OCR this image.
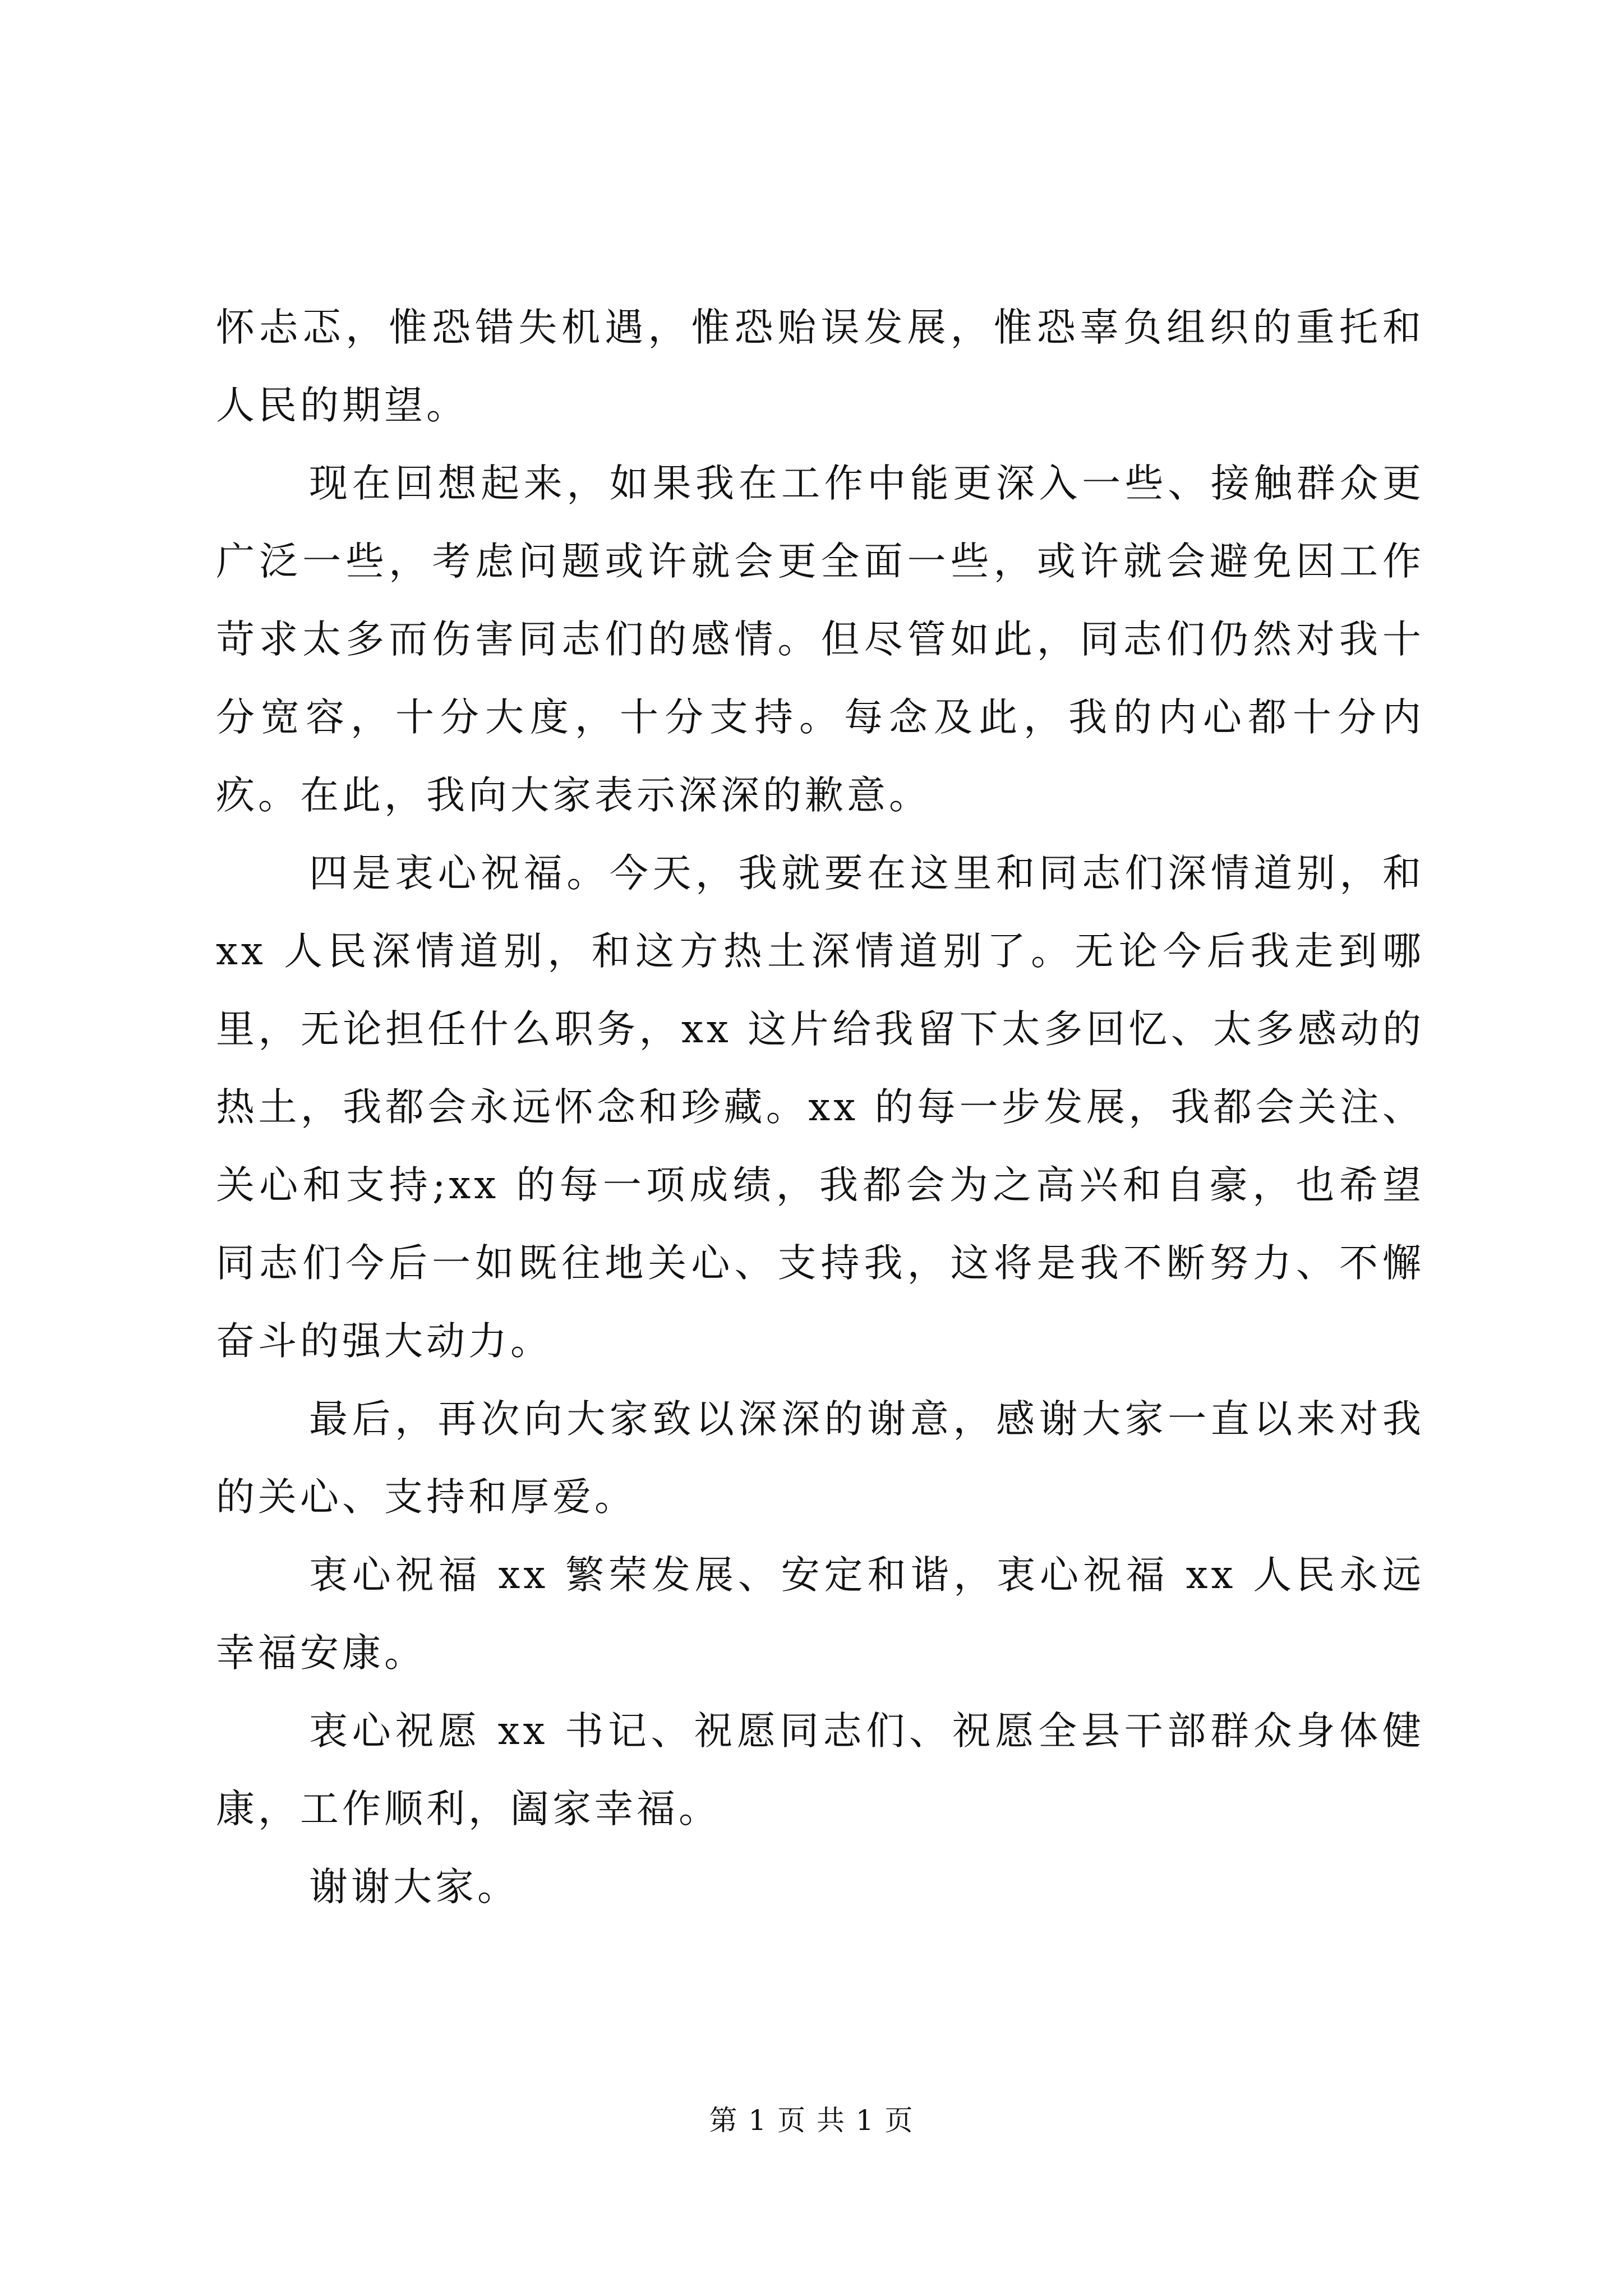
怀忐忑，惟恐错失机遇，惟恐贻误发展，惟恐辜负组织的重托和人民的期望。

现在回想起来，如果我在工作中能更深入一些、接触群众更广泛一些，考虑问题或许就会更全面一些，或许就会避免因工作苛求太多而伤害同志们的感情。但尽管如此，同志们仍然对我十分宽容，十分大度，十分支持。每念及此，我的内心都十分内疚。在此，我向大家表示深深的歉意。

四是衷心祝福。今天，我就要在这里和同志们深情道别，和 xx 人民深情道别，和这方热土深情道别了。无论今后我走到哪里，无论担任什么职务，xx 这片给我留下太多回忆、太多感动的热土，我都会永远怀念和珍藏。xx 的每一步发展，我都会关注、关心和支持;xx 的每一项成绩，我都会为之高兴和自豪，也希望同志们今后一如既往地关心、支持我，这将是我不断努力、不懈奋斗的强大动力。

最后，再次向大家致以深深的谢意，感谢大家一直以来对我的关心、支持和厚爱。

衷心祝福 xx 繁荣发展、安定和谐，衷心祝福 xx 人民永远幸福安康。

衷心祝愿 xx 书记、祝愿同志们、祝愿全县干部群众身体健康，工作顺利，阖家幸福。

谢谢大家。

第 1 页 共 1 页
